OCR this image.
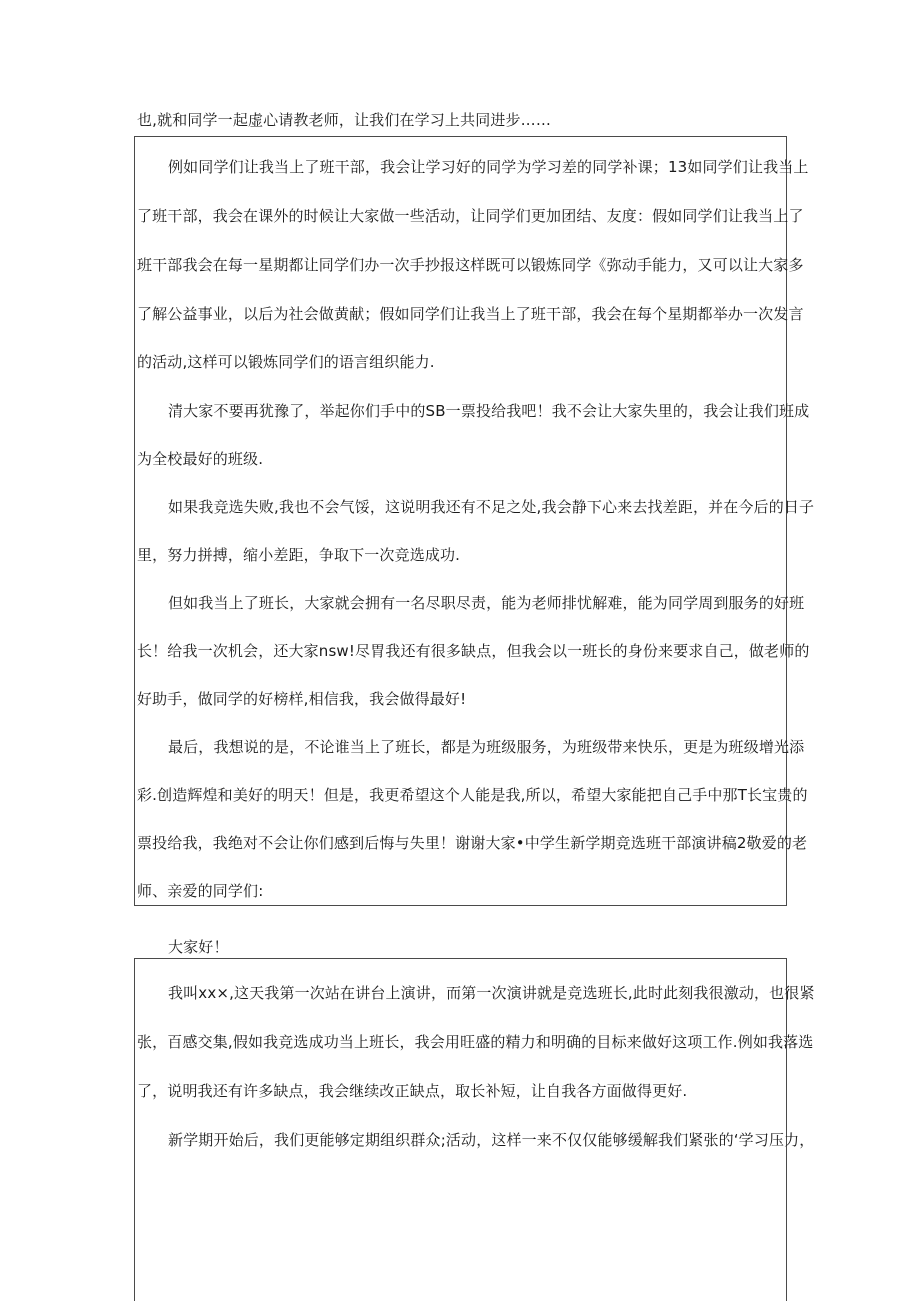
也,就和同学一起虚心请教老师，让我们在学习上共同进步……
例如同学们让我当上了班干部，我会让学习好的同学为学习差的同学补课；13如同学们让我当上
了班干部，我会在课外的时候让大家做一些活动，让同学们更加团结、友度：假如同学们让我当上了
班干部我会在每一星期都让同学们办一次手抄报这样既可以锻炼同学《弥动手能力，又可以让大家多
了解公益事业，以后为社会做黄献；假如同学们让我当上了班干部，我会在每个星期都举办一次发言
的活动,这样可以锻炼同学们的语言组织能力.
清大家不要再犹豫了，举起你们手中的SB一票投给我吧！我不会让大家失里的，我会让我们班成
为全校最好的班级.
如果我竞选失败,我也不会气馁，这说明我还有不足之处,我会静下心来去找差距，并在今后的日子
里，努力拼搏，缩小差距，争取下一次竞选成功.
但如我当上了班长，大家就会拥有一名尽职尽责，能为老师排忧解难，能为同学周到服务的好班
长！给我一次机会，还大家nsw!尽胃我还有很多缺点，但我会以一班长的身份来要求自己，做老师的
好助手，做同学的好榜样,相信我，我会做得最好!
最后，我想说的是，不论谁当上了班长，都是为班级服务，为班级带来快乐，更是为班级增光添
彩.创造辉煌和美好的明天！但是，我更希望这个人能是我,所以，希望大家能把自己手中那T长宝贵的
票投给我，我绝对不会让你们感到后悔与失里！谢谢大家•中学生新学期竞选班干部演讲稿2敬爱的老
师、亲爱的同学们:
大家好！
我叫xx×,这天我第一次站在讲台上演讲，而第一次演讲就是竞选班长,此时此刻我很激动，也很紧
张，百感交集,假如我竞选成功当上班长，我会用旺盛的精力和明确的目标来做好这项工作.例如我落选
了，说明我还有许多缺点，我会继续改正缺点，取长补短，让自我各方面做得更好.
新学期开始后，我们更能够定期组织群众;活动，这样一来不仅仅能够缓解我们紧张的‘学习压力，
